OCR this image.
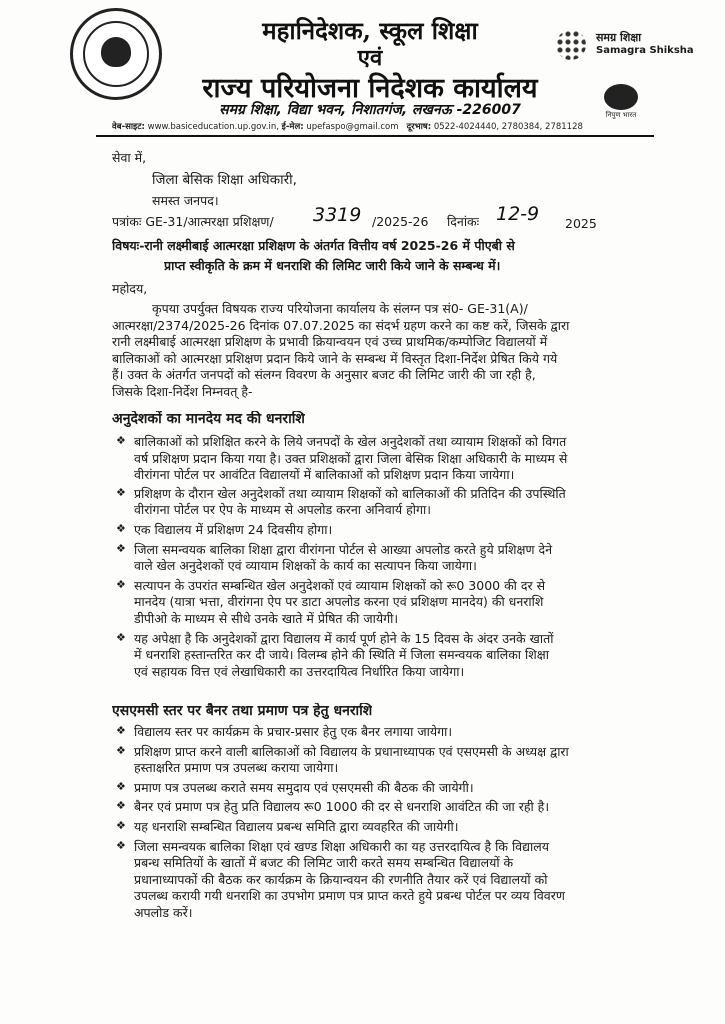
महानिदेशक, स्कूल शिक्षा
एवं
राज्य परियोजना निदेशक कार्यालय
समग्र शिक्षा, विद्या भवन, निशातगंज, लखनऊ -226007
समग्र शिक्षा
Samagra Shiksha
निपुण भारत
वेब-साइट: www.basiceducation.up.gov.in, ई-मेल: upefaspo@gmail.com दूरभाष: 0522-4024440, 2780384, 2781128
सेवा में,
जिला बेसिक शिक्षा अधिकारी,
समस्त जनपद।
पत्रांकः GE-31/आत्मरक्षा प्रशिक्षण/ 3319 /2025-26 दिनांकः 12-9 2025
विषयः-रानी लक्ष्मीबाई आत्मरक्षा प्रशिक्षण के अंतर्गत वित्तीय वर्ष 2025-26 में पीएबी से
प्राप्त स्वीकृति के क्रम में धनराशि की लिमिट जारी किये जाने के सम्बन्ध में।
महोदय,
कृपया उपर्युक्त विषयक राज्य परियोजना कार्यालय के संलग्न पत्र सं0- GE-31(A)/
आत्मरक्षा/2374/2025-26 दिनांक 07.07.2025 का संदर्भ ग्रहण करने का कष्ट करें, जिसके द्वारा
रानी लक्ष्मीबाई आत्मरक्षा प्रशिक्षण के प्रभावी क्रियान्वयन एवं उच्च प्राथमिक/कम्पोजिट विद्यालयों में
बालिकाओं को आत्मरक्षा प्रशिक्षण प्रदान किये जाने के सम्बन्ध में विस्तृत दिशा-निर्देश प्रेषित किये गये
हैं। उक्त के अंतर्गत जनपदों को संलग्न विवरण के अनुसार बजट की लिमिट जारी की जा रही है,
जिसके दिशा-निर्देश निम्नवत् है-
अनुदेशकों का मानदेय मद की धनराशि
❖ बालिकाओं को प्रशिक्षित करने के लिये जनपदों के खेल अनुदेशकों तथा व्यायाम शिक्षकों को विगत
वर्ष प्रशिक्षण प्रदान किया गया है। उक्त प्रशिक्षकों द्वारा जिला बेसिक शिक्षा अधिकारी के माध्यम से
वीरांगना पोर्टल पर आवंटित विद्यालयों में बालिकाओं को प्रशिक्षण प्रदान किया जायेगा।
❖ प्रशिक्षण के दौरान खेल अनुदेशकों तथा व्यायाम शिक्षकों को बालिकाओं की प्रतिदिन की उपस्थिति
वीरांगना पोर्टल पर ऐप के माध्यम से अपलोड करना अनिवार्य होगा।
❖ एक विद्यालय में प्रशिक्षण 24 दिवसीय होगा।
❖ जिला समन्वयक बालिका शिक्षा द्वारा वीरांगना पोर्टल से आख्या अपलोड करते हुये प्रशिक्षण देने
वाले खेल अनुदेशकों एवं व्यायाम शिक्षकों के कार्य का सत्यापन किया जायेगा।
❖ सत्यापन के उपरांत सम्बन्धित खेल अनुदेशकों एवं व्यायाम शिक्षकों को रू0 3000 की दर से
मानदेय (यात्रा भत्ता, वीरांगना ऐप पर डाटा अपलोड करना एवं प्रशिक्षण मानदेय) की धनराशि
डीपीओ के माध्यम से सीधे उनके खाते में प्रेषित की जायेगी।
❖ यह अपेक्षा है कि अनुदेशकों द्वारा विद्यालय में कार्य पूर्ण होने के 15 दिवस के अंदर उनके खातों
में धनराशि हस्तान्तरित कर दी जाये। विलम्ब होने की स्थिति में जिला समन्वयक बालिका शिक्षा
एवं सहायक वित्त एवं लेखाधिकारी का उत्तरदायित्व निर्धारित किया जायेगा।
एसएमसी स्तर पर बैनर तथा प्रमाण पत्र हेतु धनराशि
❖ विद्यालय स्तर पर कार्यक्रम के प्रचार-प्रसार हेतु एक बैनर लगाया जायेगा।
❖ प्रशिक्षण प्राप्त करने वाली बालिकाओं को विद्यालय के प्रधानाध्यापक एवं एसएमसी के अध्यक्ष द्वारा
हस्ताक्षरित प्रमाण पत्र उपलब्ध कराया जायेगा।
❖ प्रमाण पत्र उपलब्ध कराते समय समुदाय एवं एसएमसी की बैठक की जायेगी।
❖ बैनर एवं प्रमाण पत्र हेतु प्रति विद्यालय रू0 1000 की दर से धनराशि आवंटित की जा रही है।
❖ यह धनराशि सम्बन्धित विद्यालय प्रबन्ध समिति द्वारा व्यवहरित की जायेगी।
❖ जिला समन्वयक बालिका शिक्षा एवं खण्ड शिक्षा अधिकारी का यह उत्तरदायित्व है कि विद्यालय
प्रबन्ध समितियों के खातों में बजट की लिमिट जारी करते समय सम्बन्धित विद्यालयों के
प्रधानाध्यापकों की बैठक कर कार्यक्रम के क्रियान्वयन की रणनीति तैयार करें एवं विद्यालयों को
उपलब्ध करायी गयी धनराशि का उपभोग प्रमाण पत्र प्राप्त करते हुये प्रबन्ध पोर्टल पर व्यय विवरण
अपलोड करें।
